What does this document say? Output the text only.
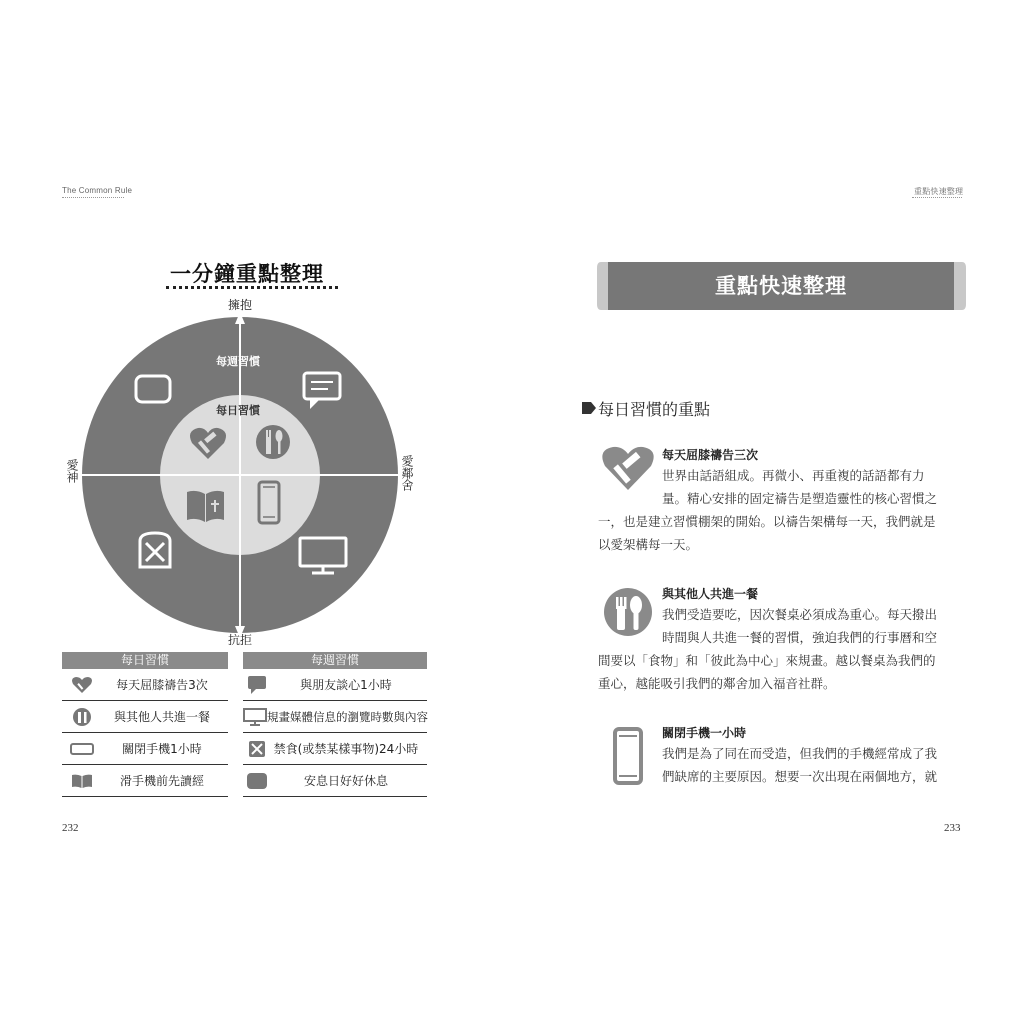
The Common Rule
一分鐘重點整理
擁抱
抗拒
愛神	愛鄰舍
每週習慣
每日習慣
每日習慣
每天屈膝禱告3次
與其他人共進一餐
關閉手機1小時
滑手機前先讀經
每週習慣
與朋友談心1小時
規畫媒體信息的瀏覽時數與內容
禁食(或禁某樣事物)24小時
安息日好好休息
232
重點快速整理
重點快速整理
每日習慣的重點
每天屈膝禱告三次
世界由話語組成。再微小、再重複的話語都有力
量。精心安排的固定禱告是塑造靈性的核心習慣之
一，也是建立習慣棚架的開始。以禱告架構每一天，我們就是
以愛架構每一天。
與其他人共進一餐
我們受造要吃，因次餐桌必須成為重心。每天撥出
時間與人共進一餐的習慣，強迫我們的行事曆和空
間要以「食物」和「彼此為中心」來規畫。越以餐桌為我們的
重心，越能吸引我們的鄰舍加入福音社群。
關閉手機一小時
我們是為了同在而受造，但我們的手機經常成了我
們缺席的主要原因。想要一次出現在兩個地方，就
233
